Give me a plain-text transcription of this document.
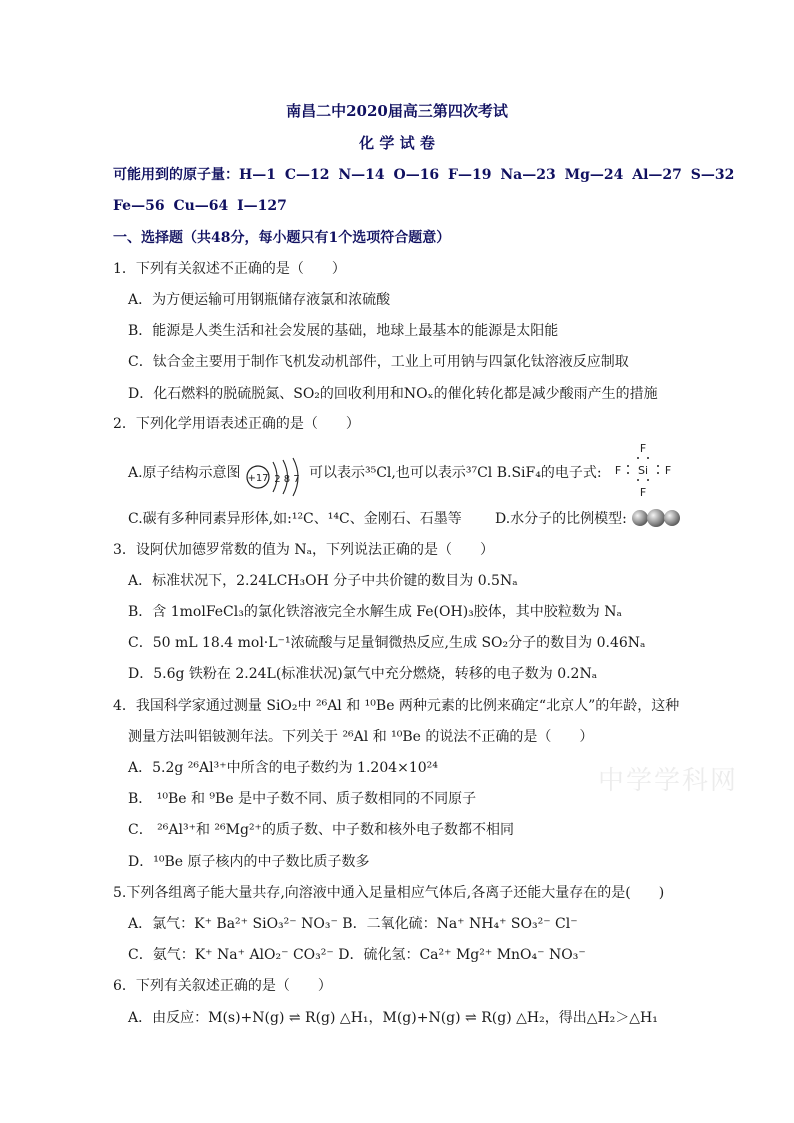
南昌二中2020届高三第四次考试
化 学 试 卷
可能用到的原子量：H—1 C—12 N—14 O—16 F—19 Na—23 Mg—24 Al—27 S—32
Fe—56 Cu—64 I—127
一、选择题（共48分，每小题只有1个选项符合题意）
1．下列有关叙述不正确的是（　　）
A．为方便运输可用钢瓶储存液氯和浓硫酸
B．能源是人类生活和社会发展的基础，地球上最基本的能源是太阳能
C．钛合金主要用于制作飞机发动机部件，工业上可用钠与四氯化钛溶液反应制取
D．化石燃料的脱硫脱氮、SO₂的回收利用和NOₓ的催化转化都是减少酸雨产生的措施
2．下列化学用语表述正确的是（　　）
A.原子结构示意图 +17 2 8 7 可以表示³⁵Cl,也可以表示³⁷Cl B.SiF₄的电子式:
F
Si
F	F
F
C.碳有多种同素异形体,如:¹²C、¹⁴C、金刚石、石墨等 D.水分子的比例模型:
3．设阿伏加德罗常数的值为 Nₐ，下列说法正确的是（　　）
A．标准状况下，2.24LCH₃OH 分子中共价键的数目为 0.5Nₐ
B．含 1molFeCl₃的氯化铁溶液完全水解生成 Fe(OH)₃胶体，其中胶粒数为 Nₐ
C．50 mL 18.4 mol·L⁻¹浓硫酸与足量铜微热反应,生成 SO₂分子的数目为 0.46Nₐ
D．5.6g 铁粉在 2.24L(标准状况)氯气中充分燃烧，转移的电子数为 0.2Nₐ
4．我国科学家通过测量 SiO₂中 ²⁶Al 和 ¹⁰Be 两种元素的比例来确定“北京人”的年龄，这种
测量方法叫铝铍测年法。下列关于 ²⁶Al 和 ¹⁰Be 的说法不正确的是（　　）
A．5.2g ²⁶Al³⁺中所含的电子数约为 1.204×10²⁴
B． ¹⁰Be 和 ⁹Be 是中子数不同、质子数相同的不同原子
C． ²⁶Al³⁺和 ²⁶Mg²⁺的质子数、中子数和核外电子数都不相同
D．¹⁰Be 原子核内的中子数比质子数多
中学学科网
5.下列各组离子能大量共存,向溶液中通入足量相应气体后,各离子还能大量存在的是(　　)
A．氯气：K⁺ Ba²⁺ SiO₃²⁻ NO₃⁻ B．二氧化硫：Na⁺ NH₄⁺ SO₃²⁻ Cl⁻
C．氨气：K⁺ Na⁺ AlO₂⁻ CO₃²⁻ D．硫化氢：Ca²⁺ Mg²⁺ MnO₄⁻ NO₃⁻
6．下列有关叙述正确的是（　　）
A．由反应：M(s)+N(g) ⇌ R(g) △H₁，M(g)+N(g) ⇌ R(g) △H₂，得出△H₂＞△H₁
